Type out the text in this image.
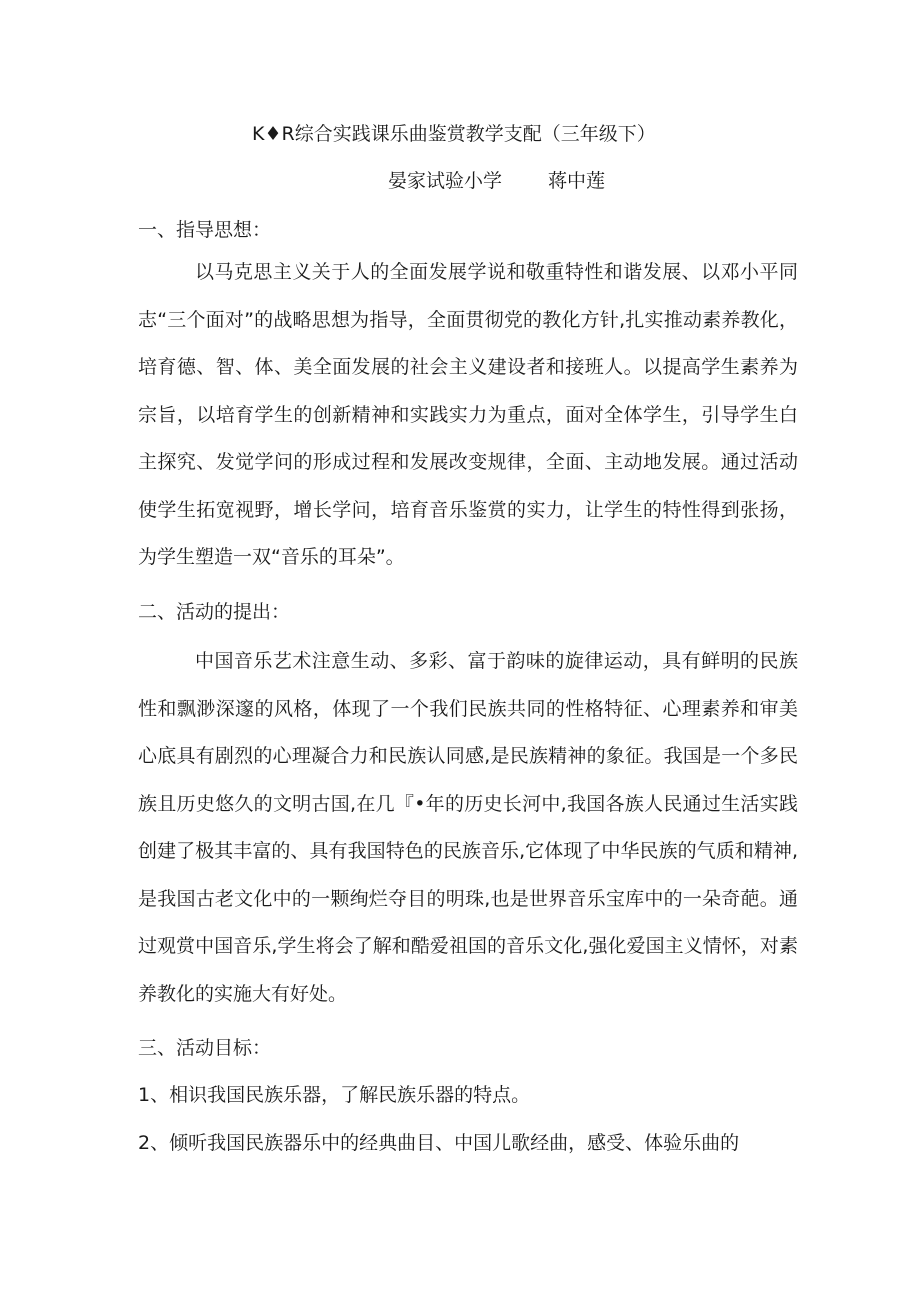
K♦R综合实践课乐曲鉴赏教学支配（三年级下）
晏家试验小学 蒋中莲
一、指导思想：

以马克思主义关于人的全面发展学说和敬重特性和谐发展、以邓小平同志“三个面对”的战略思想为指导，全面贯彻党的教化方针,扎实推动素养教化，培育德、智、体、美全面发展的社会主义建设者和接班人。以提高学生素养为宗旨，以培育学生的创新精神和实践实力为重点，面对全体学生，引导学生白主探究、发觉学问的形成过程和发展改变规律，全面、主动地发展。通过活动使学生拓宽视野，增长学问，培育音乐鉴赏的实力，让学生的特性得到张扬，为学生塑造一双“音乐的耳朵”。

二、活动的提出：

中国音乐艺术注意生动、多彩、富于韵味的旋律运动，具有鲜明的民族性和飘渺深邃的风格，体现了一个我们民族共同的性格特征、心理素养和审美心底具有剧烈的心理凝合力和民族认同感,是民族精神的象征。我国是一个多民族且历史悠久的文明古国,在几『•年的历史长河中,我国各族人民通过生活实践创建了极其丰富的、具有我国特色的民族音乐,它体现了中华民族的气质和精神,是我国古老文化中的一颗绚烂夺目的明珠,也是世界音乐宝库中的一朵奇葩。通过观赏中国音乐,学生将会了解和酷爱祖国的音乐文化,强化爱国主义情怀，对素养教化的实施大有好处。

三、活动目标：

1、相识我国民族乐器，了解民族乐器的特点。

2、倾听我国民族器乐中的经典曲目、中国儿歌经曲，感受、体验乐曲的
